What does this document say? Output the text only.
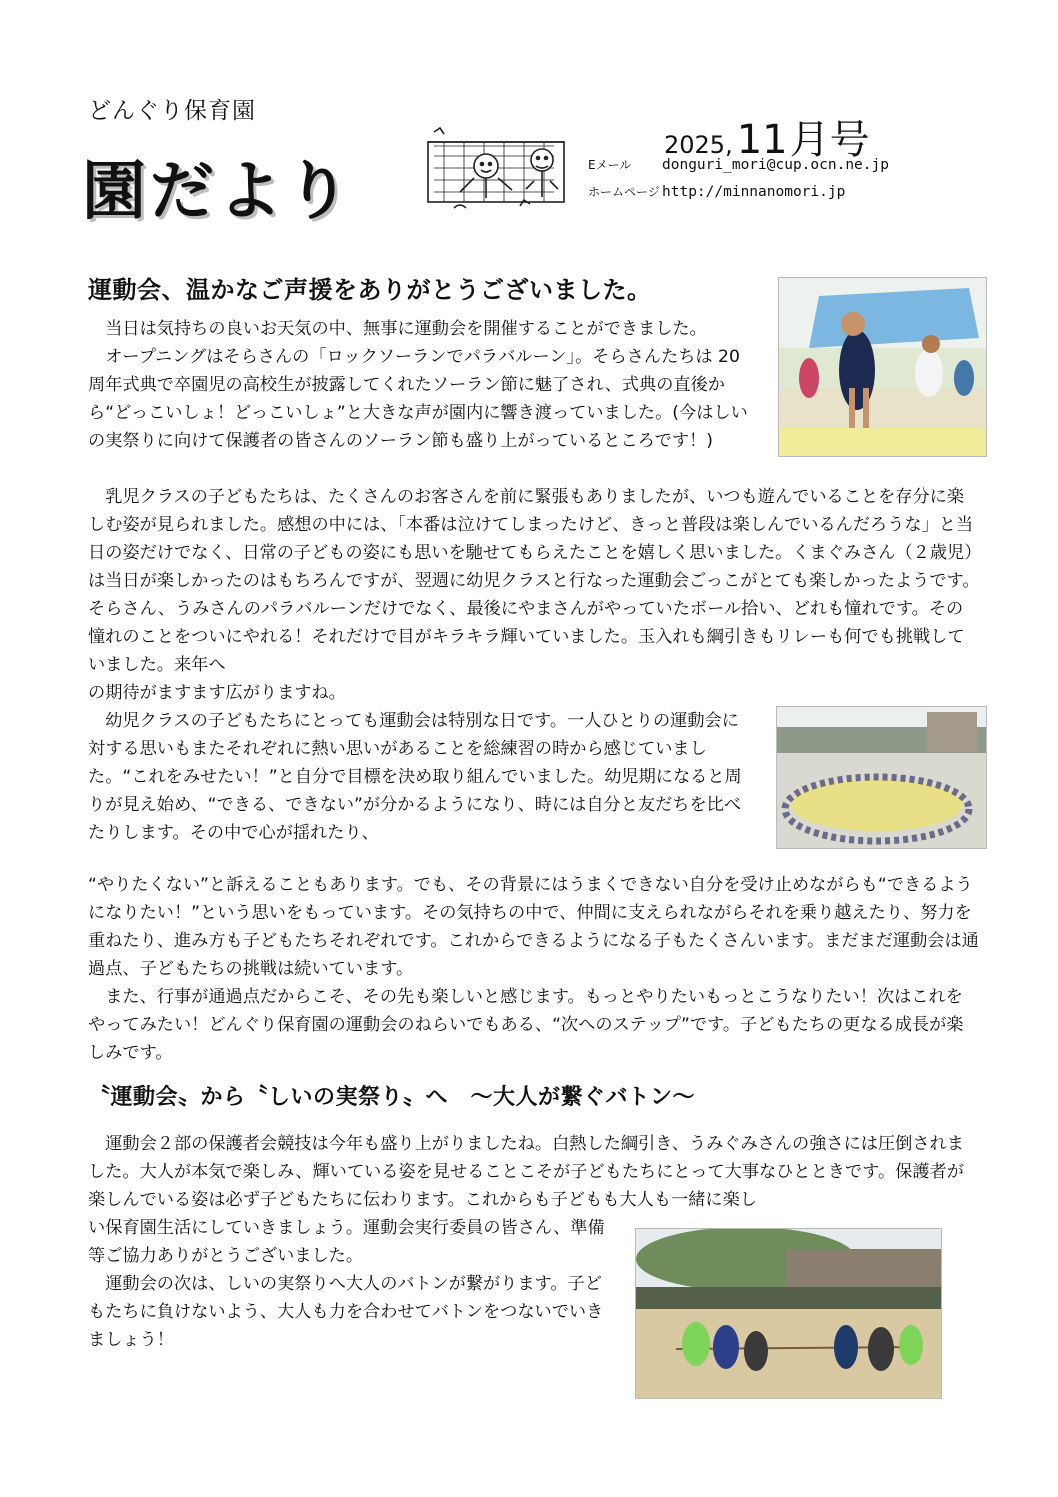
どんぐり保育園
園だより
2025, 11月号
Eメール donguri_mori@cup.ocn.ne.jp
ホームページ http://minnanomori.jp
運動会、温かなご声援をありがとうございました。

当日は気持ちの良いお天気の中、無事に運動会を開催することができました。

オープニングはそらさんの「ロックソーランでパラバルーン」。そらさんたちは 20 周年式典で卒園児の高校生が披露してくれたソーラン節に魅了され、式典の直後から“どっこいしょ！どっこいしょ”と大きな声が園内に響き渡っていました。(今はしいの実祭りに向けて保護者の皆さんのソーラン節も盛り上がっているところです！)

乳児クラスの子どもたちは、たくさんのお客さんを前に緊張もありましたが、いつも遊んでいることを存分に楽しむ姿が見られました。感想の中には、「本番は泣けてしまったけど、きっと普段は楽しんでいるんだろうな」と当日の姿だけでなく、日常の子どもの姿にも思いを馳せてもらえたことを嬉しく思いました。くまぐみさん（２歳児）は当日が楽しかったのはもちろんですが、翌週に幼児クラスと行なった運動会ごっこがとても楽しかったようです。そらさん、うみさんのパラバルーンだけでなく、最後にやまさんがやっていたボール拾い、どれも憧れです。その憧れのことをついにやれる！それだけで目がキラキラ輝いていました。玉入れも綱引きもリレーも何でも挑戦していました。来年へ

の期待がますます広がりますね。

幼児クラスの子どもたちにとっても運動会は特別な日です。一人ひとりの運動会に対する思いもまたそれぞれに熱い思いがあることを総練習の時から感じていました。“これをみせたい！”と自分で目標を決め取り組んでいました。幼児期になると周りが見え始め、“できる、できない”が分かるようになり、時には自分と友だちを比べたりします。その中で心が揺れたり、

“やりたくない”と訴えることもあります。でも、その背景にはうまくできない自分を受け止めながらも“できるようになりたい！”という思いをもっています。その気持ちの中で、仲間に支えられながらそれを乗り越えたり、努力を重ねたり、進み方も子どもたちそれぞれです。これからできるようになる子もたくさんいます。まだまだ運動会は通過点、子どもたちの挑戦は続いています。

また、行事が通過点だからこそ、その先も楽しいと感じます。もっとやりたいもっとこうなりたい！次はこれをやってみたい！どんぐり保育園の運動会のねらいでもある、“次へのステップ”です。子どもたちの更なる成長が楽しみです。

〝運動会〟から〝しいの実祭り〟へ　～大人が繋ぐバトン～

運動会２部の保護者会競技は今年も盛り上がりましたね。白熱した綱引き、うみぐみさんの強さには圧倒されました。大人が本気で楽しみ、輝いている姿を見せることこそが子どもたちにとって大事なひとときです。保護者が楽しんでいる姿は必ず子どもたちに伝わります。これからも子どもも大人も一緒に楽し

い保育園生活にしていきましょう。運動会実行委員の皆さん、準備等ご協力ありがとうございました。

運動会の次は、しいの実祭りへ大人のバトンが繋がります。子どもたちに負けないよう、大人も力を合わせてバトンをつないでいきましょう！
